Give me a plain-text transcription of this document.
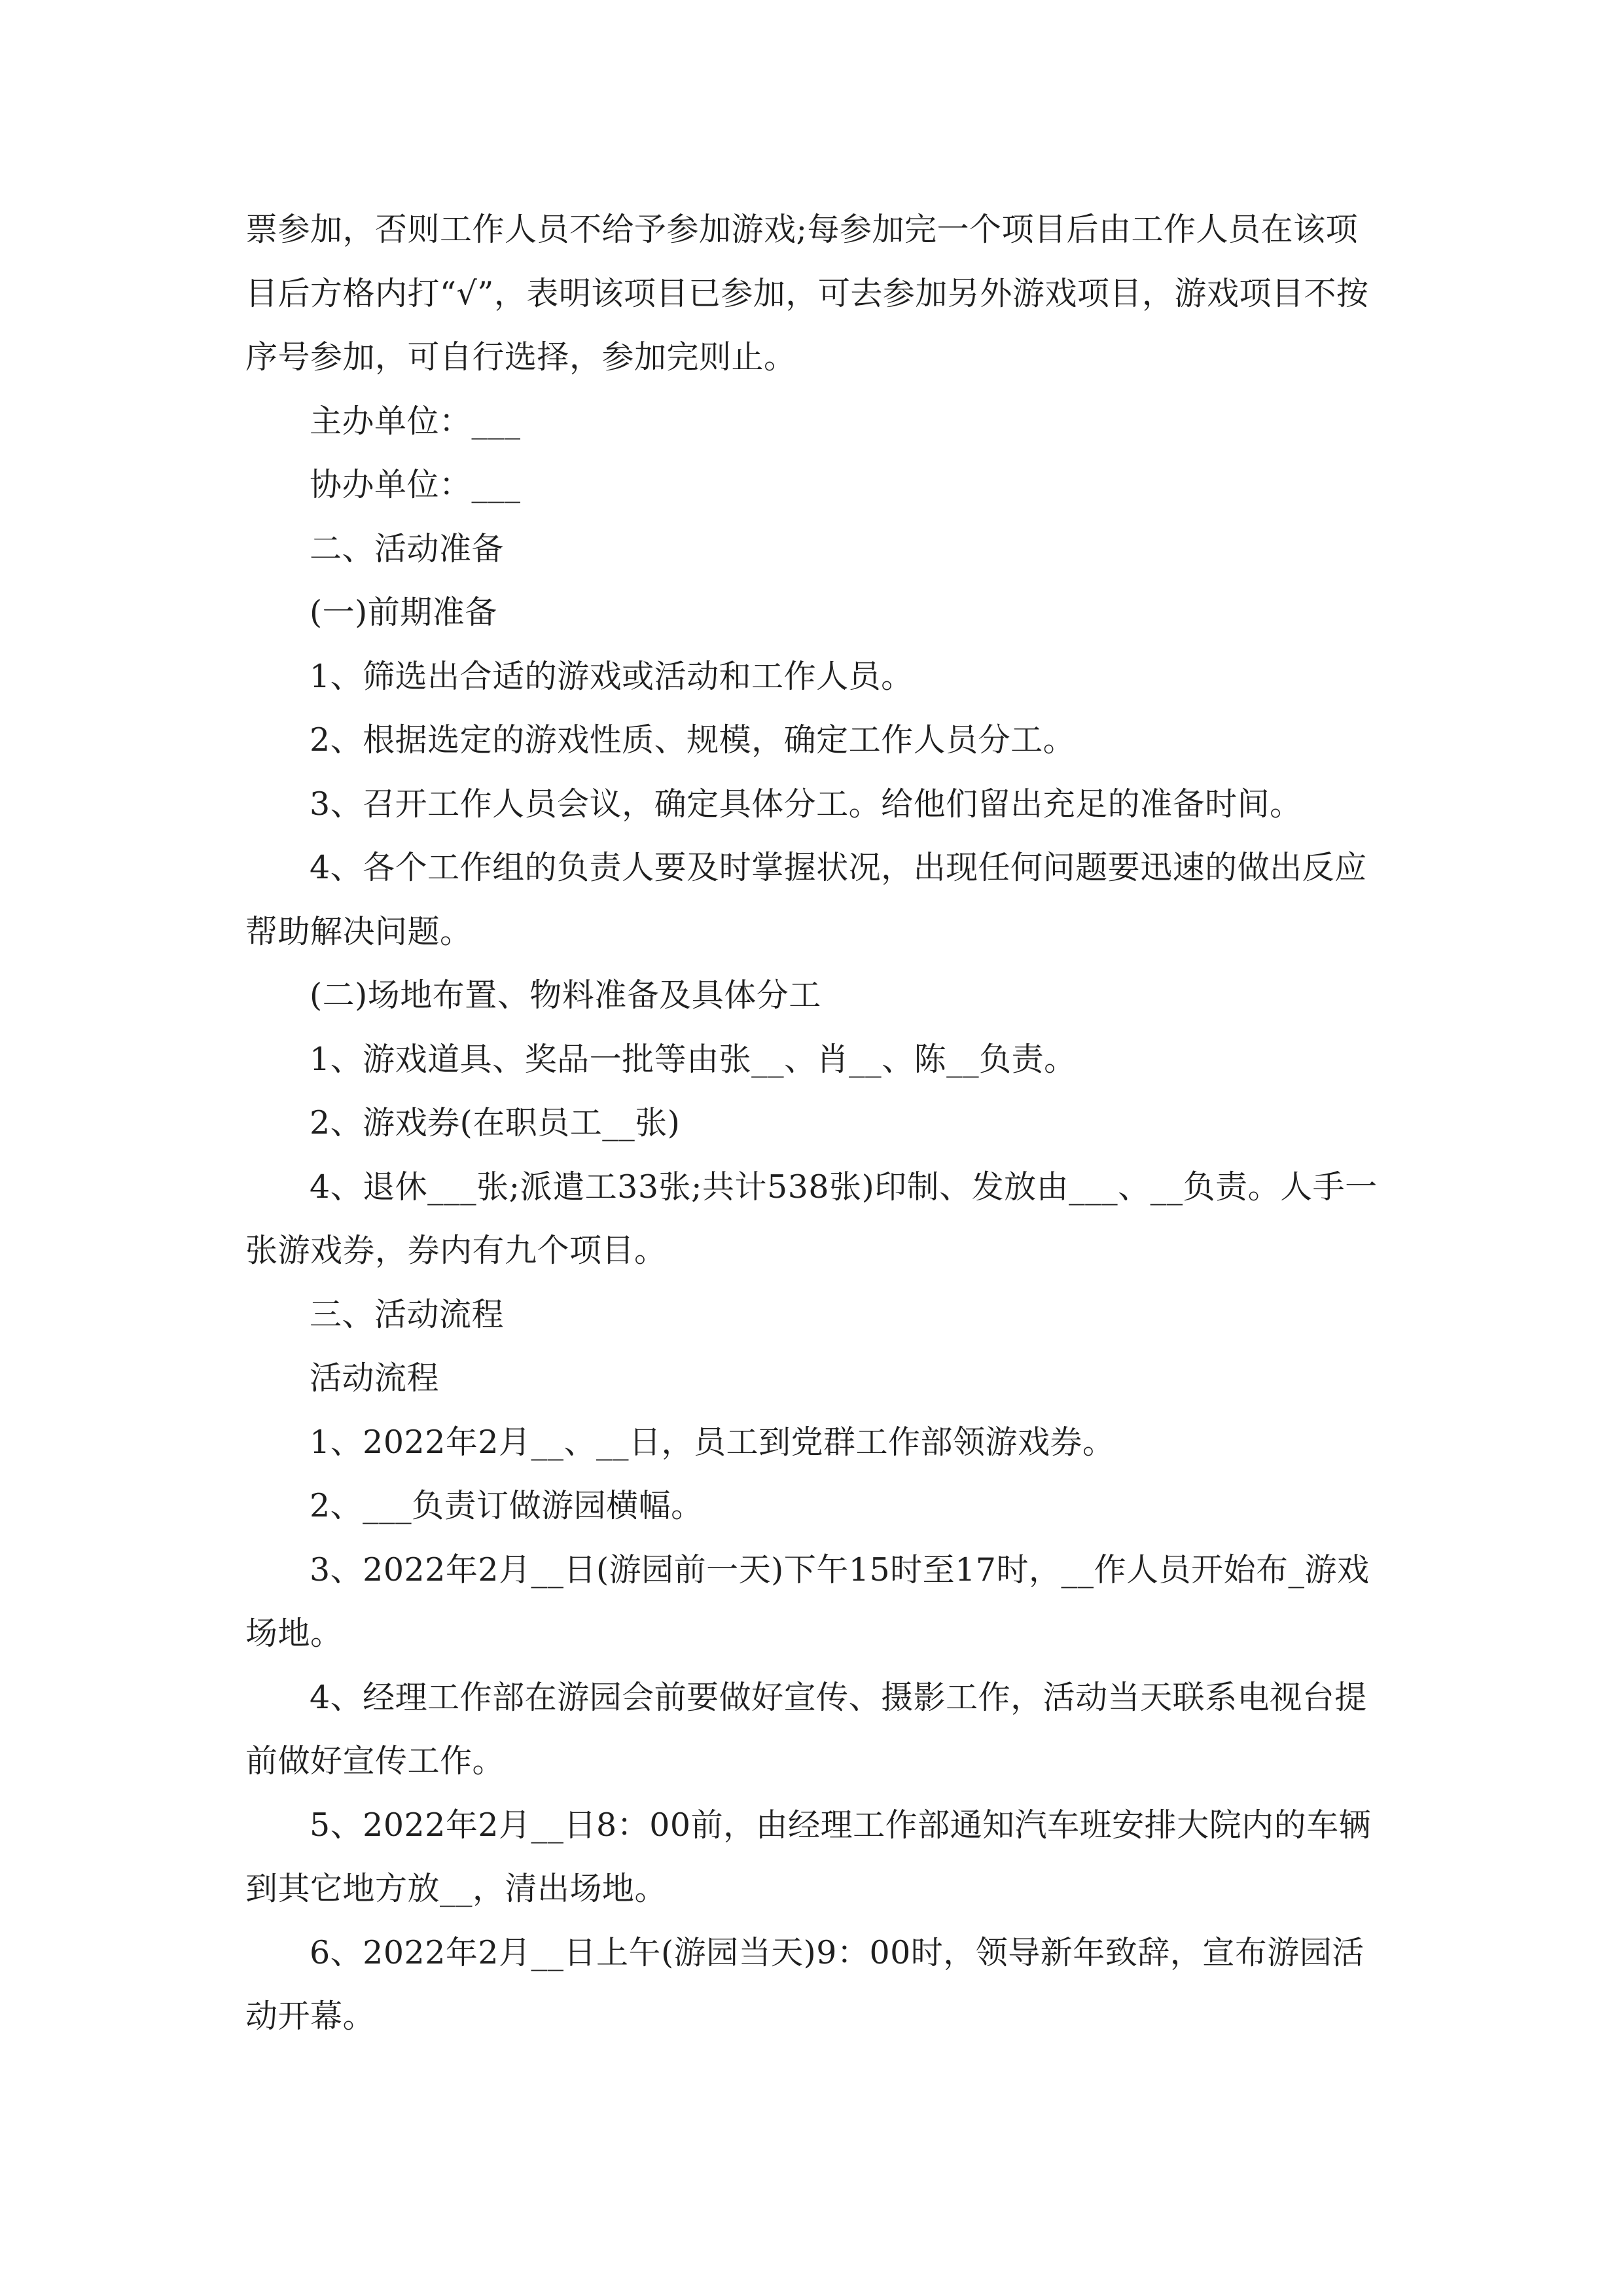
票参加，否则工作人员不给予参加游戏;每参加完一个项目后由工作人员在该项目后方格内打“√”，表明该项目已参加，可去参加另外游戏项目，游戏项目不按序号参加，可自行选择，参加完则止。

主办单位：___

协办单位：___

二、活动准备

(一)前期准备

1、筛选出合适的游戏或活动和工作人员。

2、根据选定的游戏性质、规模，确定工作人员分工。

3、召开工作人员会议，确定具体分工。给他们留出充足的准备时间。

4、各个工作组的负责人要及时掌握状况，出现任何问题要迅速的做出反应帮助解决问题。

(二)场地布置、物料准备及具体分工

1、游戏道具、奖品一批等由张__、肖__、陈__负责。

2、游戏券(在职员工__张)

4、退休___张;派遣工33张;共计538张)印制、发放由___、__负责。人手一张游戏券，券内有九个项目。

三、活动流程

活动流程

1、2022年2月__、__日，员工到党群工作部领游戏券。

2、___负责订做游园横幅。

3、2022年2月__日(游园前一天)下午15时至17时，__作人员开始布_游戏场地。

4、经理工作部在游园会前要做好宣传、摄影工作，活动当天联系电视台提前做好宣传工作。

5、2022年2月__日8：00前，由经理工作部通知汽车班安排大院内的车辆到其它地方放__，清出场地。

6、2022年2月__日上午(游园当天)9：00时，领导新年致辞，宣布游园活动开幕。
